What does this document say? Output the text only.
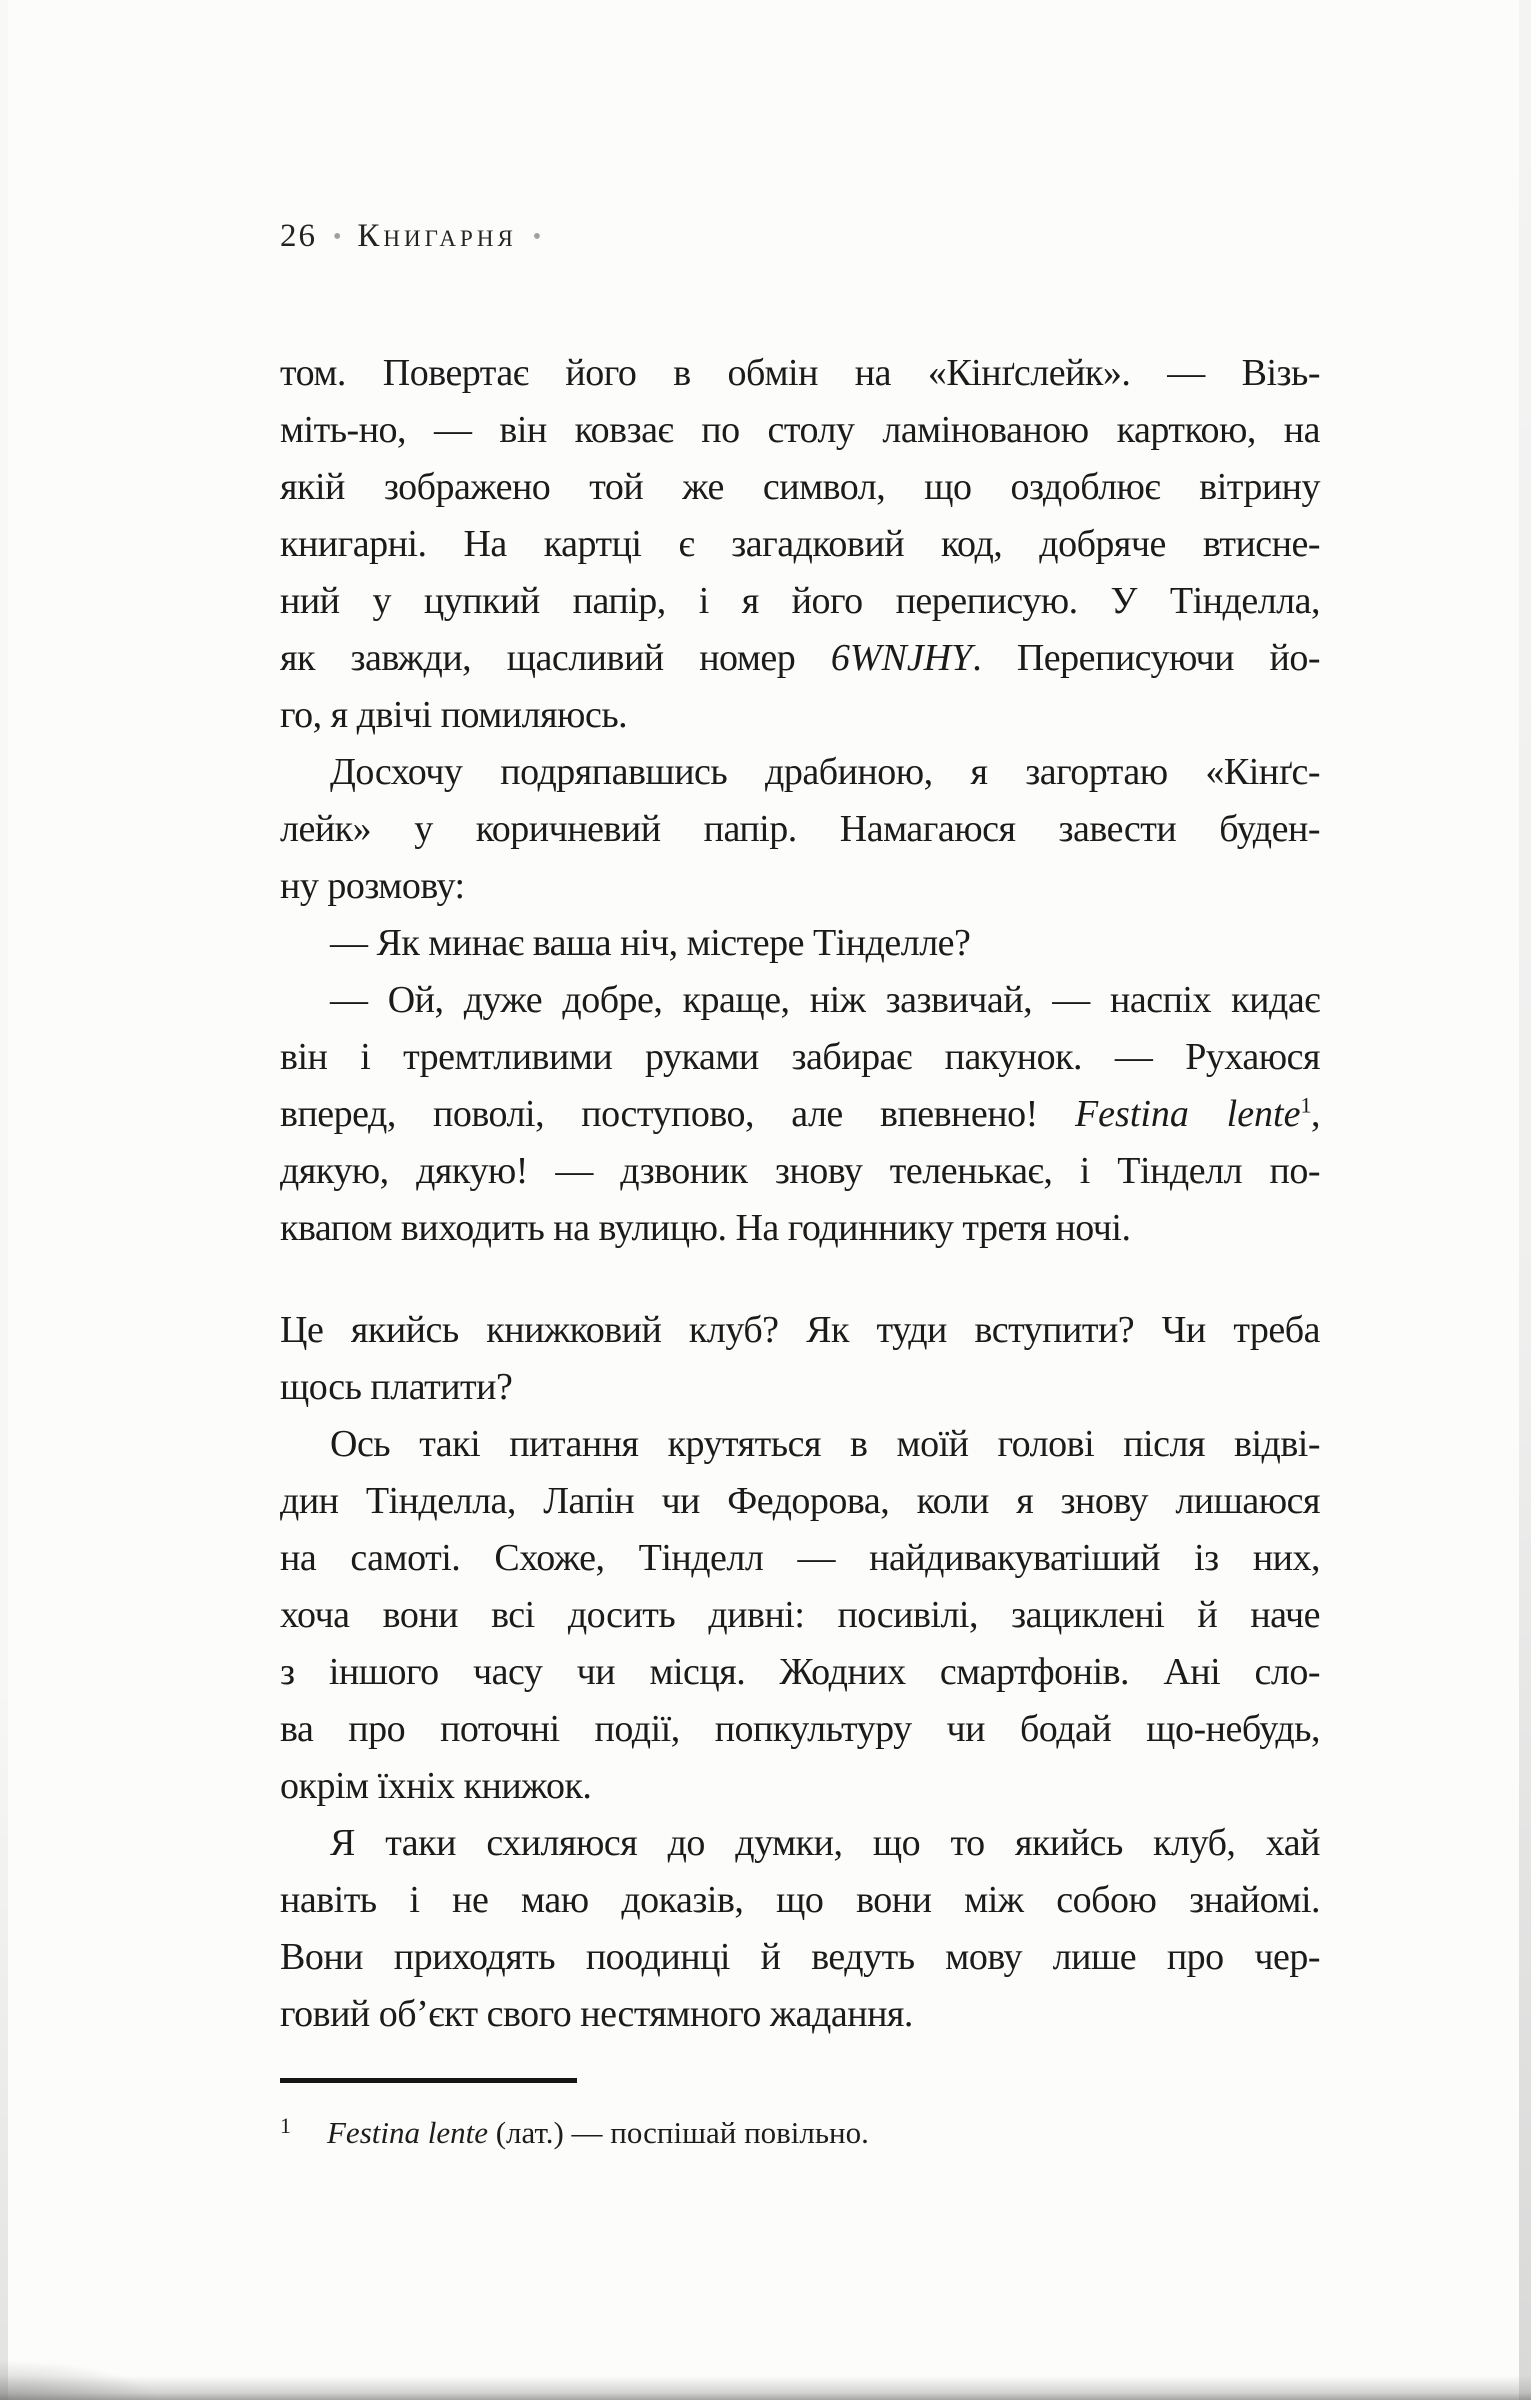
26 • Книгарня •
том. Повертає його в обмін на «Кінґслейк». — Візь-
міть-но, — він ковзає по столу ламінованою карткою, на
якій зображено той же символ, що оздоблює вітрину
книгарні. На картці є загадковий код, добряче втисне-
ний у цупкий папір, і я його переписую. У Тінделла,
як завжди, щасливий номер 6WNJHY. Переписуючи йо-
го, я двічі помиляюсь.
Досхочу подряпавшись драбиною, я загортаю «Кінґс-
лейк» у коричневий папір. Намагаюся завести буден-
ну розмову:
— Як минає ваша ніч, містере Тінделле?
— Ой, дуже добре, краще, ніж зазвичай, — наспіх кидає
він і тремтливими руками забирає пакунок. — Рухаюся
вперед, поволі, поступово, але впевнено! Festina lente$^1$,
дякую, дякую! — дзвоник знову теленькає, і Тінделл по-
квапом виходить на вулицю. На годиннику третя ночі.
Це якийсь книжковий клуб? Як туди вступити? Чи треба
щось платити?
Ось такі питання крутяться в моїй голові після відві-
дин Тінделла, Лапін чи Федорова, коли я знову лишаюся
на самоті. Схоже, Тінделл — найдивакуватіший із них,
хоча вони всі досить дивні: посивілі, зациклені й наче
з іншого часу чи місця. Жодних смартфонів. Ані сло-
ва про поточні події, попкультуру чи бодай що-небудь,
окрім їхніх книжок.
Я таки схиляюся до думки, що то якийсь клуб, хай
навіть і не маю доказів, що вони між собою знайомі.
Вони приходять поодинці й ведуть мову лише про чер-
говий об’єкт свого нестямного жадання.
$^1$ Festina lente (лат.) — поспішай повільно.
